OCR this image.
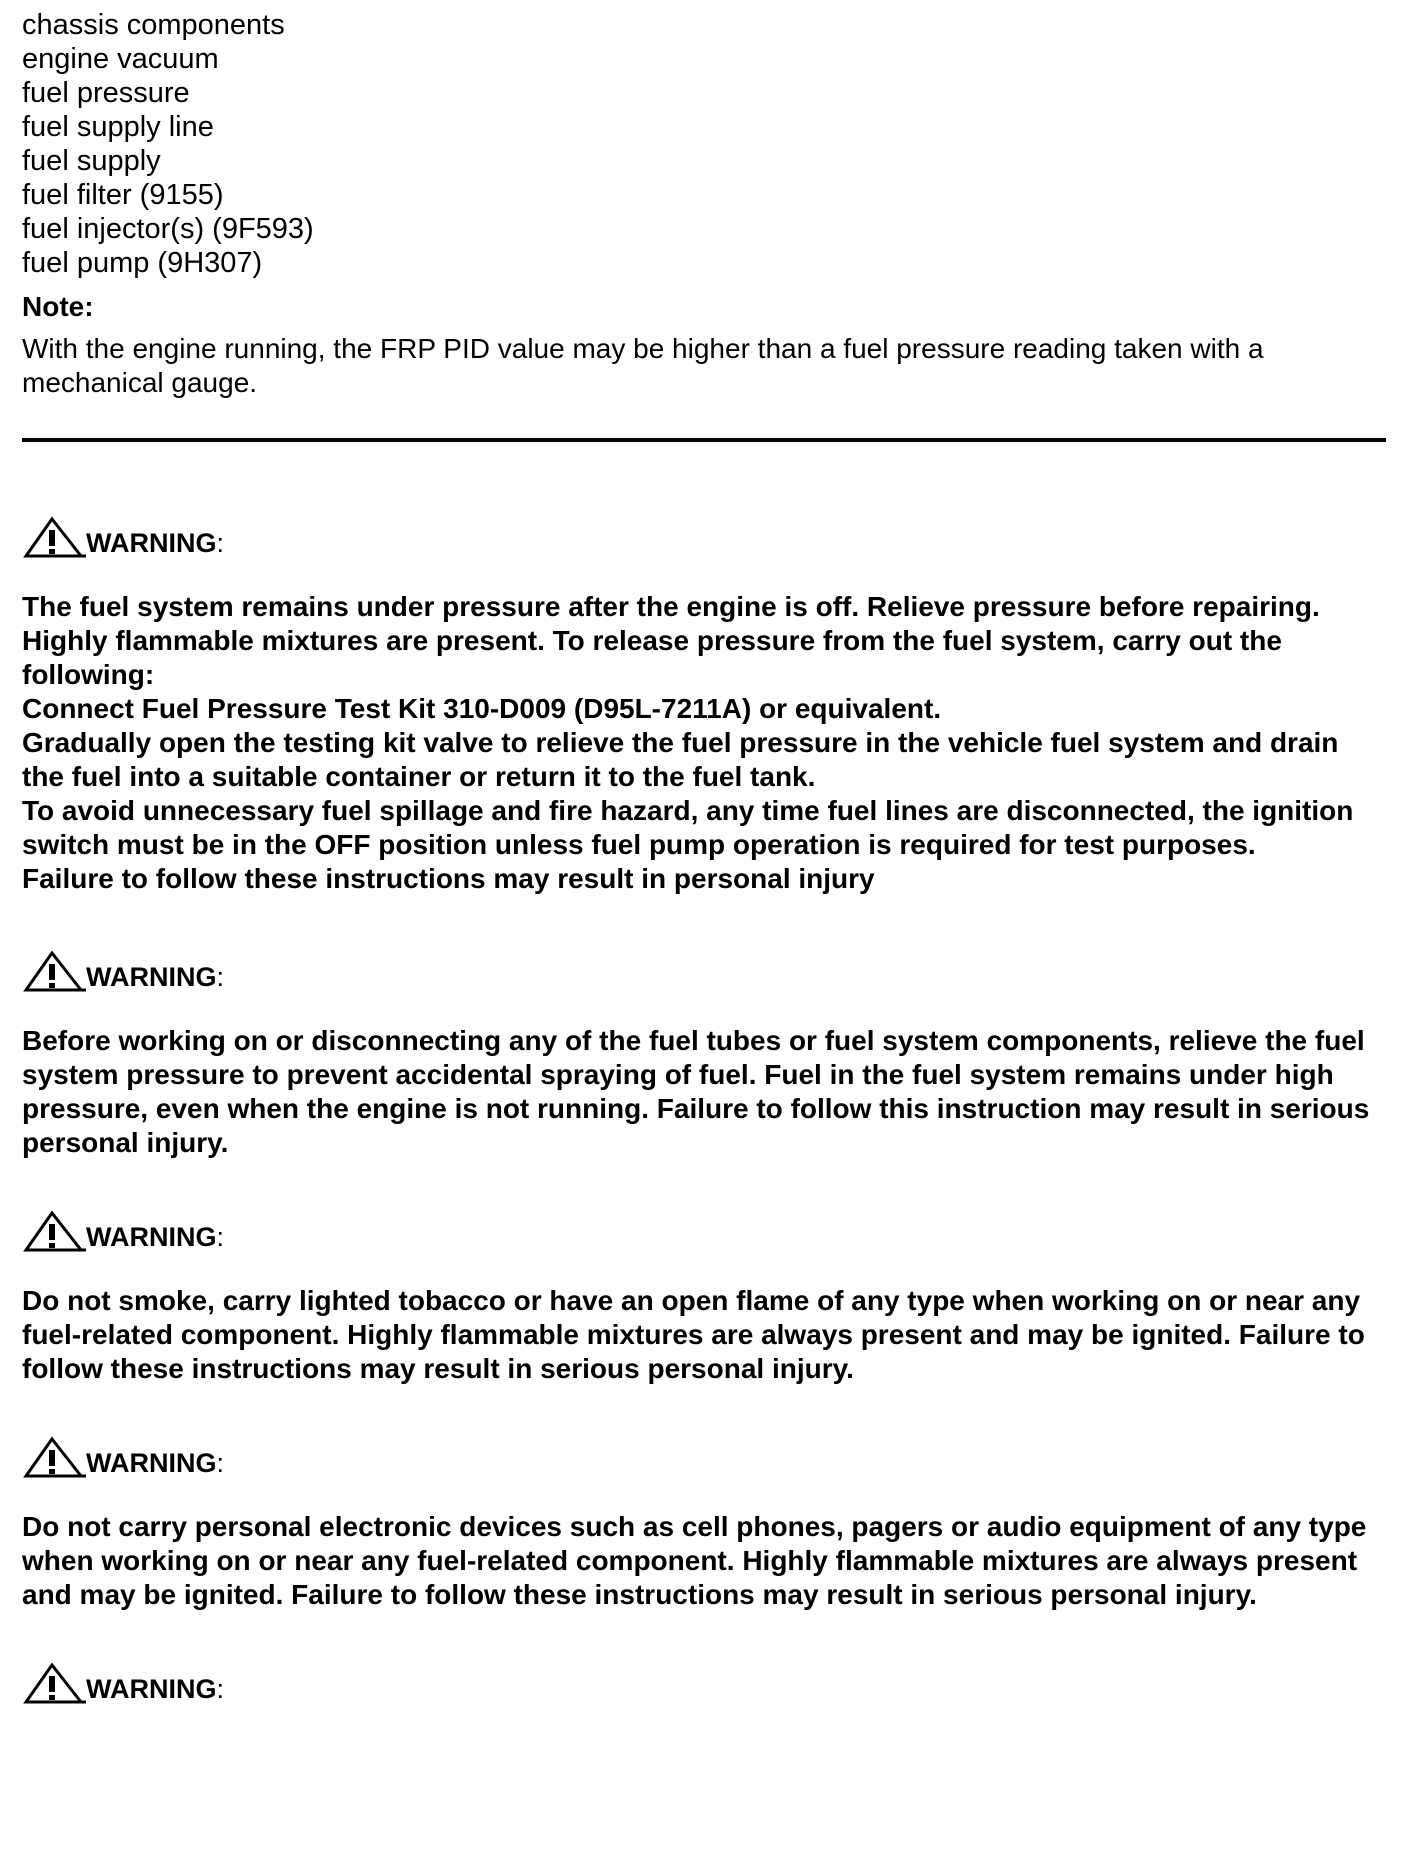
chassis components
engine vacuum
fuel pressure
fuel supply line
fuel supply
fuel filter (9155)
fuel injector(s) (9F593)
fuel pump (9H307)
Note:
With the engine running, the FRP PID value may be higher than a fuel pressure reading taken with a mechanical gauge.
WARNING :

The fuel system remains under pressure after the engine is off. Relieve pressure before repairing. Highly flammable mixtures are present. To release pressure from the fuel system, carry out the following:

Connect Fuel Pressure Test Kit 310-D009 (D95L-7211A) or equivalent.

Gradually open the testing kit valve to relieve the fuel pressure in the vehicle fuel system and drain the fuel into a suitable container or return it to the fuel tank.

To avoid unnecessary fuel spillage and fire hazard, any time fuel lines are disconnected, the ignition switch must be in the OFF position unless fuel pump operation is required for test purposes.

Failure to follow these instructions may result in personal injury

WARNING :

Before working on or disconnecting any of the fuel tubes or fuel system components, relieve the fuel system pressure to prevent accidental spraying of fuel. Fuel in the fuel system remains under high pressure, even when the engine is not running. Failure to follow this instruction may result in serious personal injury.

WARNING :

Do not smoke, carry lighted tobacco or have an open flame of any type when working on or near any fuel-related component. Highly flammable mixtures are always present and may be ignited. Failure to follow these instructions may result in serious personal injury.

WARNING :

Do not carry personal electronic devices such as cell phones, pagers or audio equipment of any type when working on or near any fuel-related component. Highly flammable mixtures are always present and may be ignited. Failure to follow these instructions may result in serious personal injury.

WARNING :
